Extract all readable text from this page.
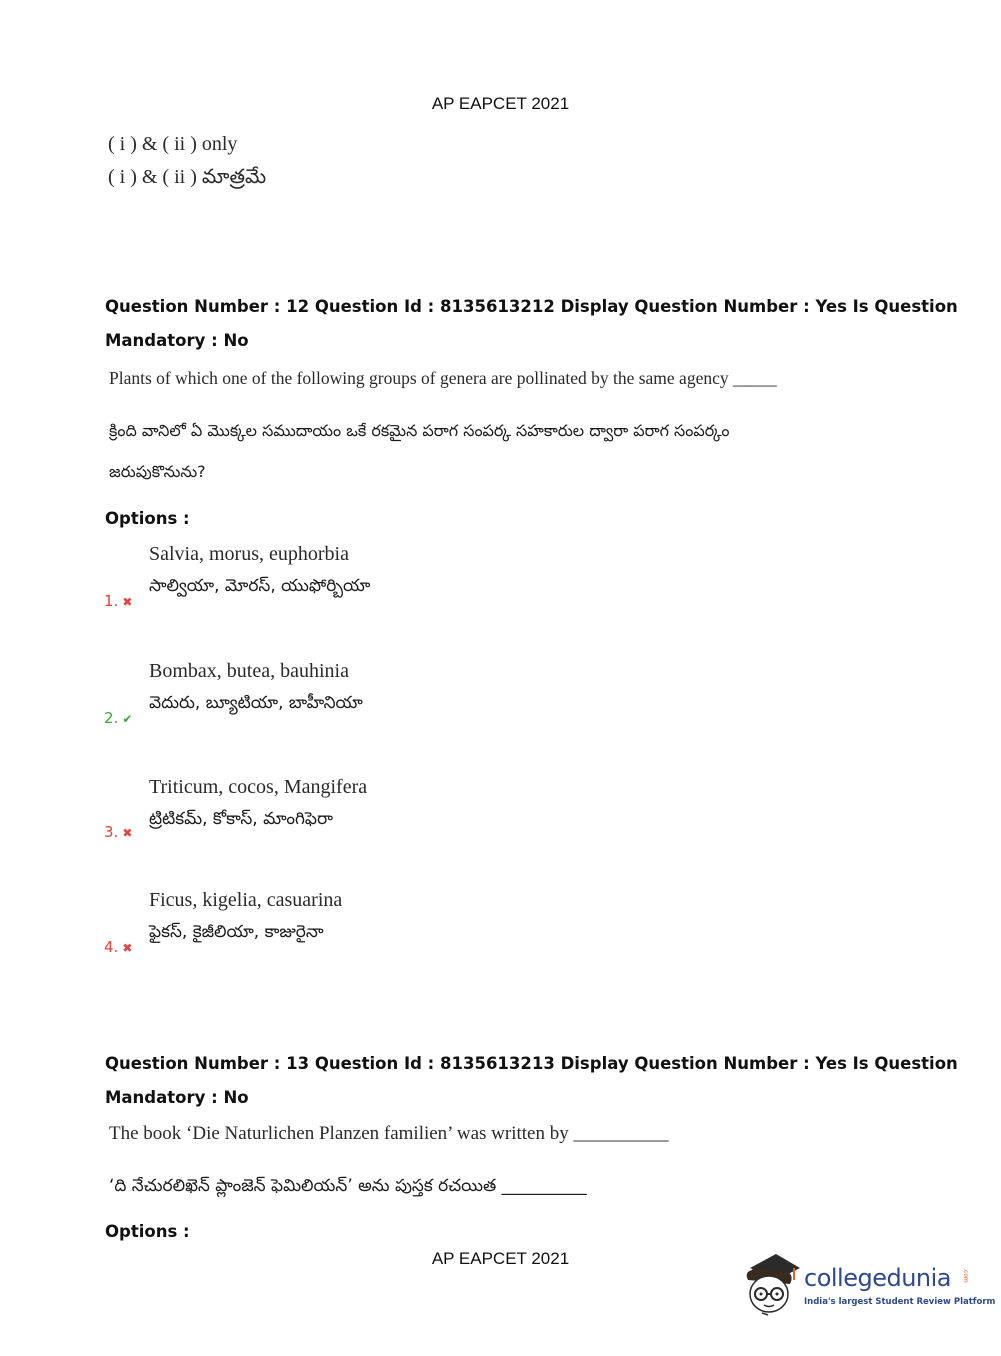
AP EAPCET 2021
( i ) & ( ii ) only
( i ) & ( ii ) మాత్రమే
Question Number : 12 Question Id : 8135613212 Display Question Number : Yes Is Question
Mandatory : No
Plants of which one of the following groups of genera are pollinated by the same agency _____
క్రింది వానిలో ఏ మొక్కల సముదాయం ఒకే రకమైన పరాగ సంపర్క సహకారుల ద్వారా పరాగ సంపర్కం
జరుపుకొనును?
Options :
Salvia, morus, euphorbia
సాల్వియా, మోరస్, యుఫోర్బియా
1. ✖
Bombax, butea, bauhinia
వెదురు, బ్యూటియా, బాహీనియా
2. ✔
Triticum, cocos, Mangifera
ట్రిటికమ్, కోకాస్, మాంగిఫెరా
3. ✖
Ficus, kigelia, casuarina
ఫైకస్, కైజీలియా, కాజురైనా
4. ✖
Question Number : 13 Question Id : 8135613213 Display Question Number : Yes Is Question
Mandatory : No
The book ‘Die Naturlichen Planzen familien’ was written by __________
‘ది నేచురలిఖెన్ ప్లాంజెన్ ఫెమిలియన్’ అను పుస్తక రచయిత __________
Options :
AP EAPCET 2021
collegedunia .com
India's largest Student Review Platform
